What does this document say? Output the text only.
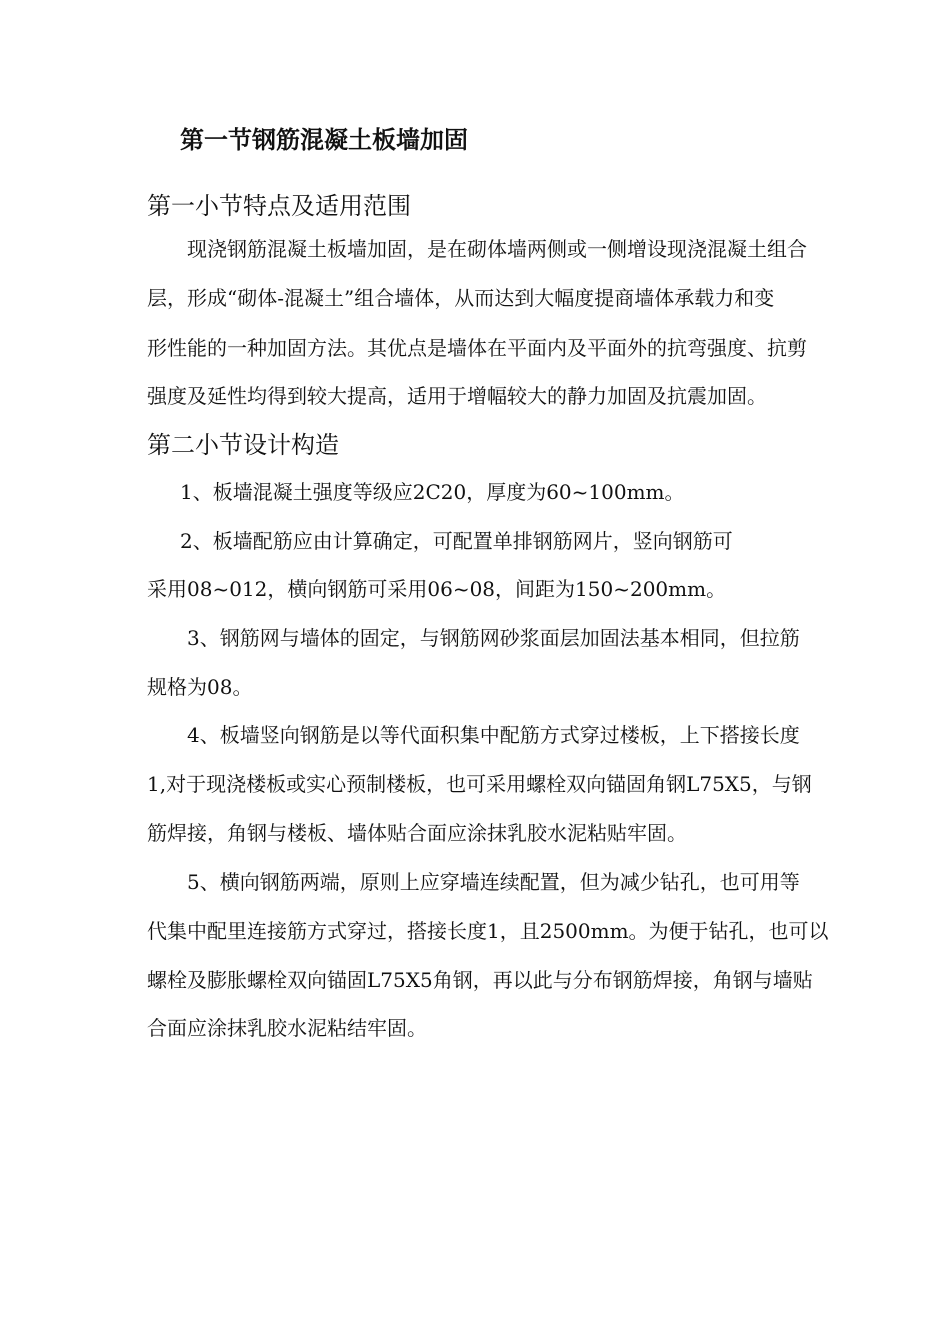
第一节钢筋混凝土板墙加固
第一小节特点及适用范围
现浇钢筋混凝土板墙加固，是在砌体墙两侧或一侧增设现浇混凝土组合
层，形成“砌体-混凝土”组合墙体，从而达到大幅度提商墙体承载力和变
形性能的一种加固方法。其优点是墙体在平面内及平面外的抗弯强度、抗剪
强度及延性均得到较大提高，适用于增幅较大的静力加固及抗震加固。
第二小节设计构造
1、板墙混凝土强度等级应2C20，厚度为60~100mm。
2、板墙配筋应由计算确定，可配置单排钢筋网片，竖向钢筋可
采用08~012，横向钢筋可采用06~08，间距为150~200mm。
3、钢筋网与墙体的固定，与钢筋网砂浆面层加固法基本相同，但拉筋
规格为08。
4、板墙竖向钢筋是以等代面积集中配筋方式穿过楼板，上下搭接长度
1,对于现浇楼板或实心预制楼板，也可采用螺栓双向锚固角钢L75X5，与钢
筋焊接，角钢与楼板、墙体贴合面应涂抹乳胶水泥粘贴牢固。
5、横向钢筋两端，原则上应穿墙连续配置，但为减少钻孔，也可用等
代集中配里连接筋方式穿过，搭接长度1，且2500mm。为便于钻孔，也可以
螺栓及膨胀螺栓双向锚固L75X5角钢，再以此与分布钢筋焊接，角钢与墙贴
合面应涂抹乳胶水泥粘结牢固。
